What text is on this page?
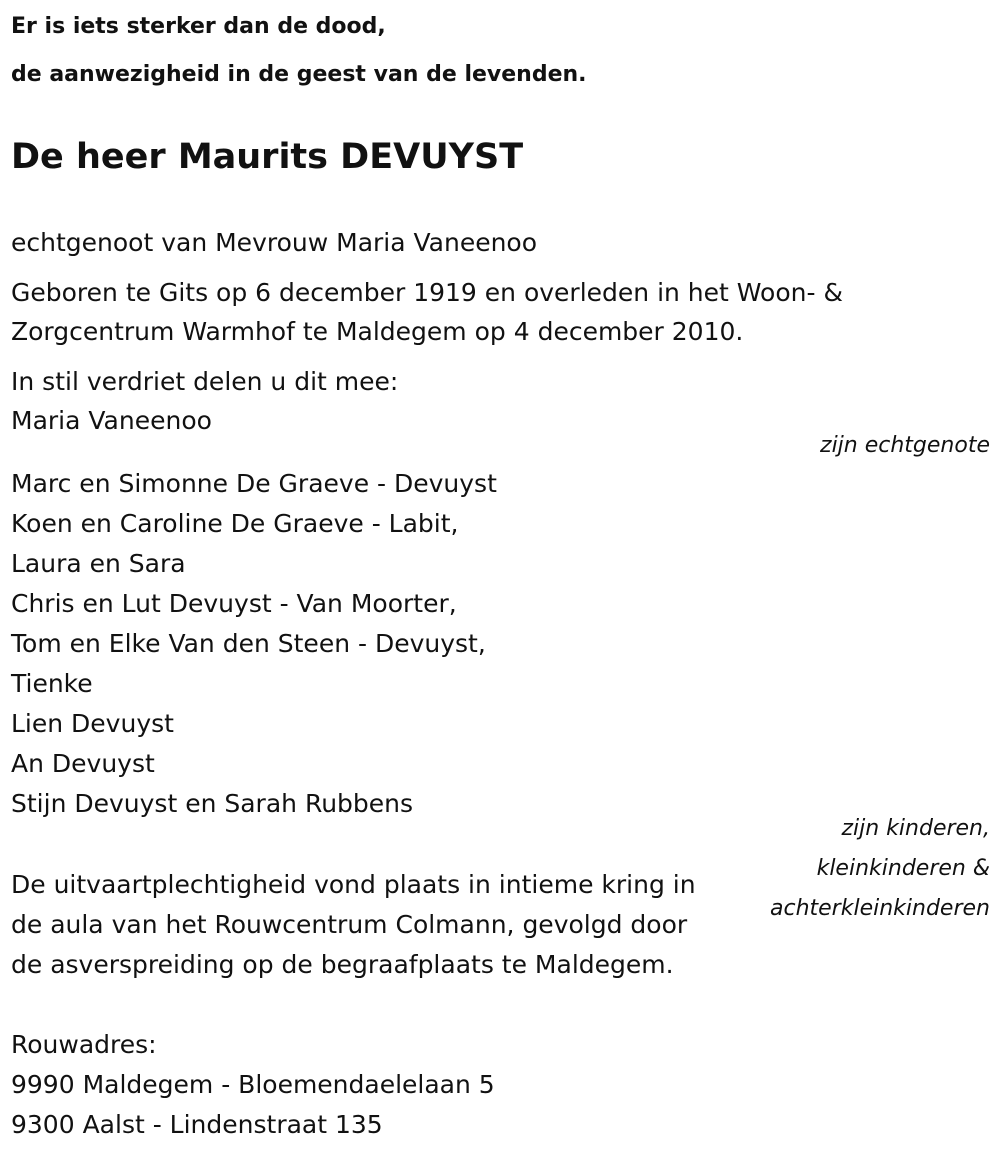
Er is iets sterker dan de dood,
de aanwezigheid in de geest van de levenden.
De heer Maurits DEVUYST
echtgenoot van Mevrouw Maria Vaneenoo
Geboren te Gits op 6 december 1919 en overleden in het Woon- &
Zorgcentrum Warmhof te Maldegem op 4 december 2010.
In stil verdriet delen u dit mee:
Maria Vaneenoo
zijn echtgenote
Marc en Simonne De Graeve - Devuyst
Koen en Caroline De Graeve - Labit,
Laura en Sara
Chris en Lut Devuyst - Van Moorter,
Tom en Elke Van den Steen - Devuyst,
Tienke
Lien Devuyst
An Devuyst
Stijn Devuyst en Sarah Rubbens
zijn kinderen,
kleinkinderen &
achterkleinkinderen
De uitvaartplechtigheid vond plaats in intieme kring in
de aula van het Rouwcentrum Colmann, gevolgd door
de asverspreiding op de begraafplaats te Maldegem.
Rouwadres:
9990 Maldegem - Bloemendaelelaan 5
9300 Aalst - Lindenstraat 135
